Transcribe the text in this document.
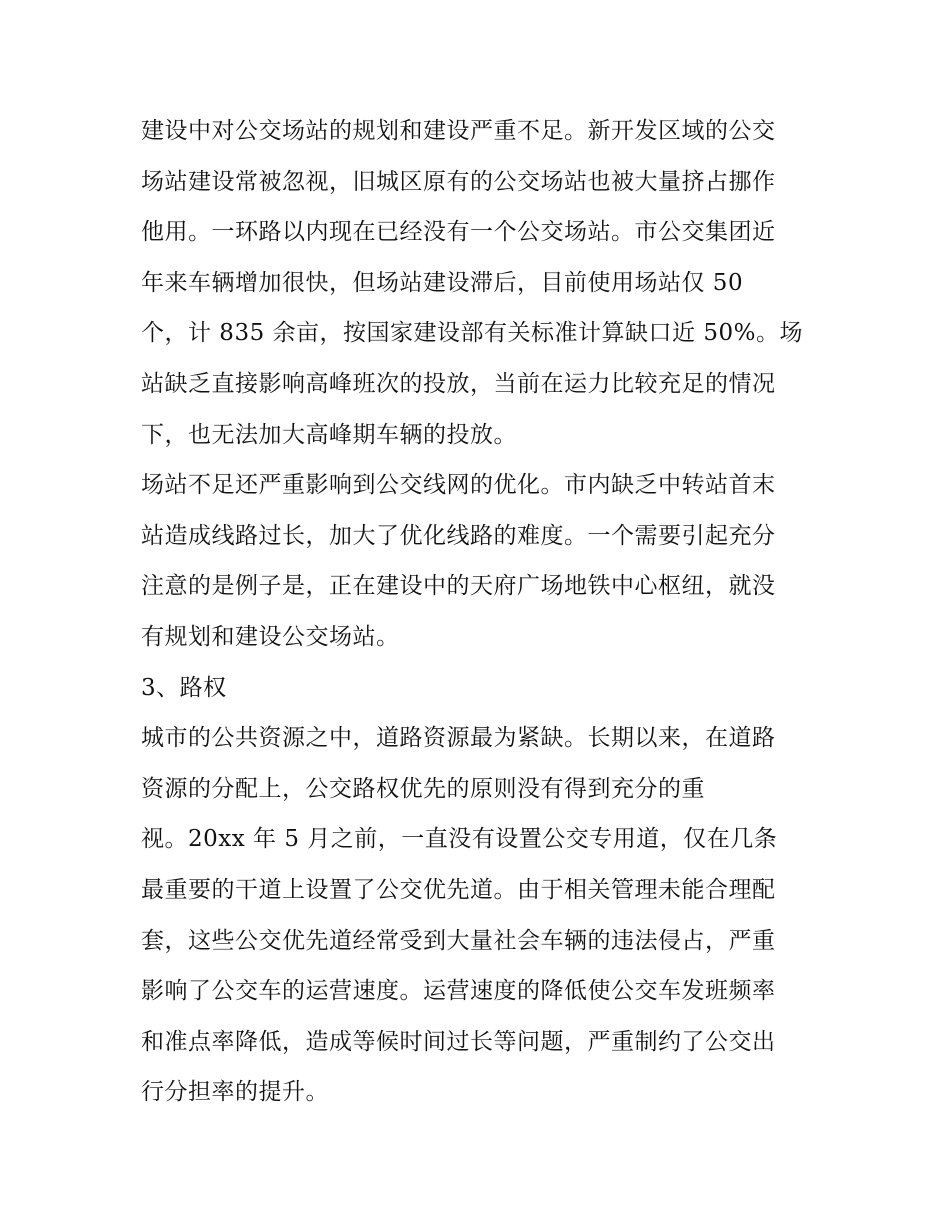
建设中对公交场站的规划和建设严重不足。新开发区域的公交
场站建设常被忽视，旧城区原有的公交场站也被大量挤占挪作
他用。一环路以内现在已经没有一个公交场站。市公交集团近
年来车辆增加很快，但场站建设滞后，目前使用场站仅 50
个，计 835 余亩，按国家建设部有关标准计算缺口近 50%。场
站缺乏直接影响高峰班次的投放，当前在运力比较充足的情况
下，也无法加大高峰期车辆的投放。
场站不足还严重影响到公交线网的优化。市内缺乏中转站首末
站造成线路过长，加大了优化线路的难度。一个需要引起充分
注意的是例子是，正在建设中的天府广场地铁中心枢纽，就没
有规划和建设公交场站。
3、路权
城市的公共资源之中，道路资源最为紧缺。长期以来，在道路
资源的分配上，公交路权优先的原则没有得到充分的重
视。20xx 年 5 月之前，一直没有设置公交专用道，仅在几条
最重要的干道上设置了公交优先道。由于相关管理未能合理配
套，这些公交优先道经常受到大量社会车辆的违法侵占，严重
影响了公交车的运营速度。运营速度的降低使公交车发班频率
和准点率降低，造成等候时间过长等问题，严重制约了公交出
行分担率的提升。
